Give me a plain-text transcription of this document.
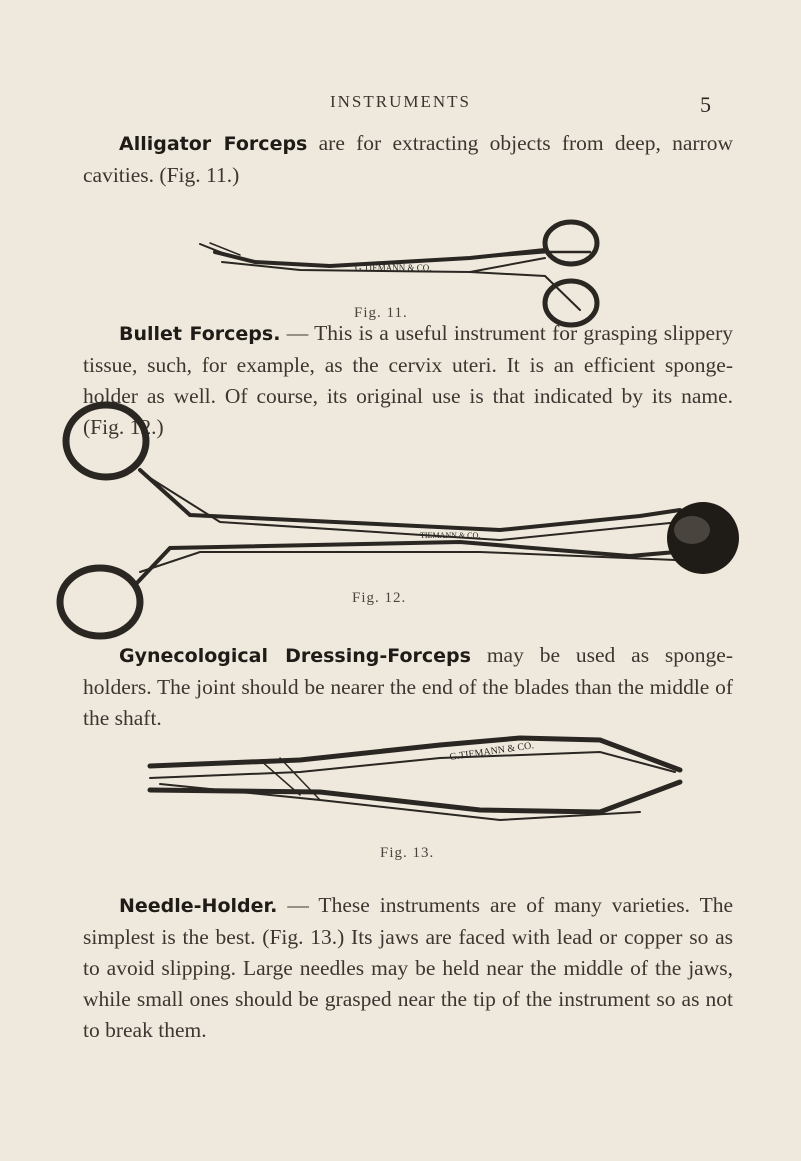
INSTRUMENTS	5

Alligator Forceps are for extracting objects from deep, narrow cavities. (Fig. 11.)

G.TIEMANN & CO.
Fig. 11.

Bullet Forceps. — This is a useful instrument for grasping slippery tissue, such, for example, as the cervix uteri. It is an efficient sponge-holder as well. Of course, its original use is that indicated by its name. (Fig. 12.)

TIEMANN & CO.
Fig. 12.

Gynecological Dressing-Forceps may be used as sponge-holders. The joint should be nearer the end of the blades than the middle of the shaft.

G.TIEMANN & CO.
Fig. 13.

Needle-Holder. — These instruments are of many varieties. The simplest is the best. (Fig. 13.) Its jaws are faced with lead or copper so as to avoid slipping. Large needles may be held near the middle of the jaws, while small ones should be grasped near the tip of the instrument so as not to break them.
